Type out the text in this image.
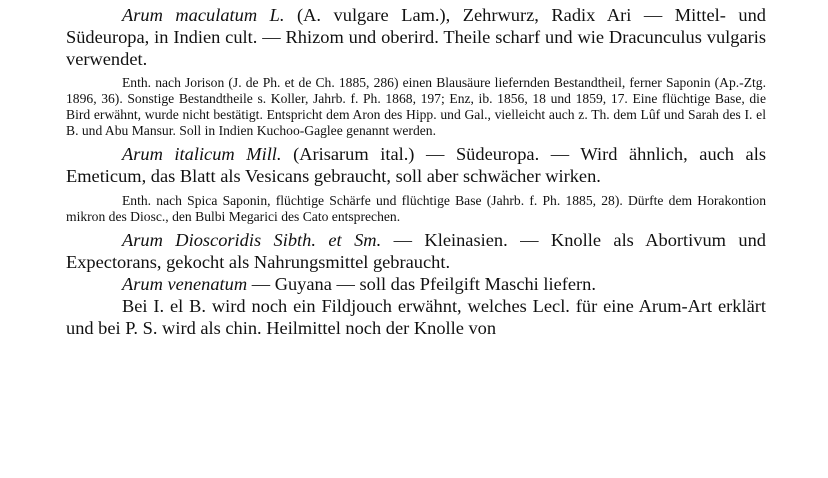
Arum maculatum L. (A. vulgare Lam.), Zehrwurz, Radix Ari — Mittel- und Südeuropa, in Indien cult. — Rhizom und oberird. Theile scharf und wie Dracunculus vulgaris verwendet.

Enth. nach Jorison (J. de Ph. et de Ch. 1885, 286) einen Blausäure liefernden Bestandtheil, ferner Saponin (Ap.-Ztg. 1896, 36). Sonstige Bestandtheile s. Koller, Jahrb. f. Ph. 1868, 197; Enz, ib. 1856, 18 und 1859, 17. Eine flüchtige Base, die Bird erwähnt, wurde nicht bestätigt. Entspricht dem Aron des Hipp. und Gal., vielleicht auch z. Th. dem Lûf und Sarah des I. el B. und Abu Mansur. Soll in Indien Kuchoo-Gaglee genannt werden.

Arum italicum Mill. (Arisarum ital.) — Südeuropa. — Wird ähnlich, auch als Emeticum, das Blatt als Vesicans gebraucht, soll aber schwächer wirken.

Enth. nach Spica Saponin, flüchtige Schärfe und flüchtige Base (Jahrb. f. Ph. 1885, 28). Dürfte dem Horakontion mikron des Diosc., den Bulbi Megarici des Cato entsprechen.

Arum Dioscoridis Sibth. et Sm. — Kleinasien. — Knolle als Abortivum und Expectorans, gekocht als Nahrungsmittel gebraucht.

Arum venenatum — Guyana — soll das Pfeilgift Maschi liefern.

Bei I. el B. wird noch ein Fildjouch erwähnt, welches Lecl. für eine Arum-Art erklärt und bei P. S. wird als chin. Heilmittel noch der Knolle von
